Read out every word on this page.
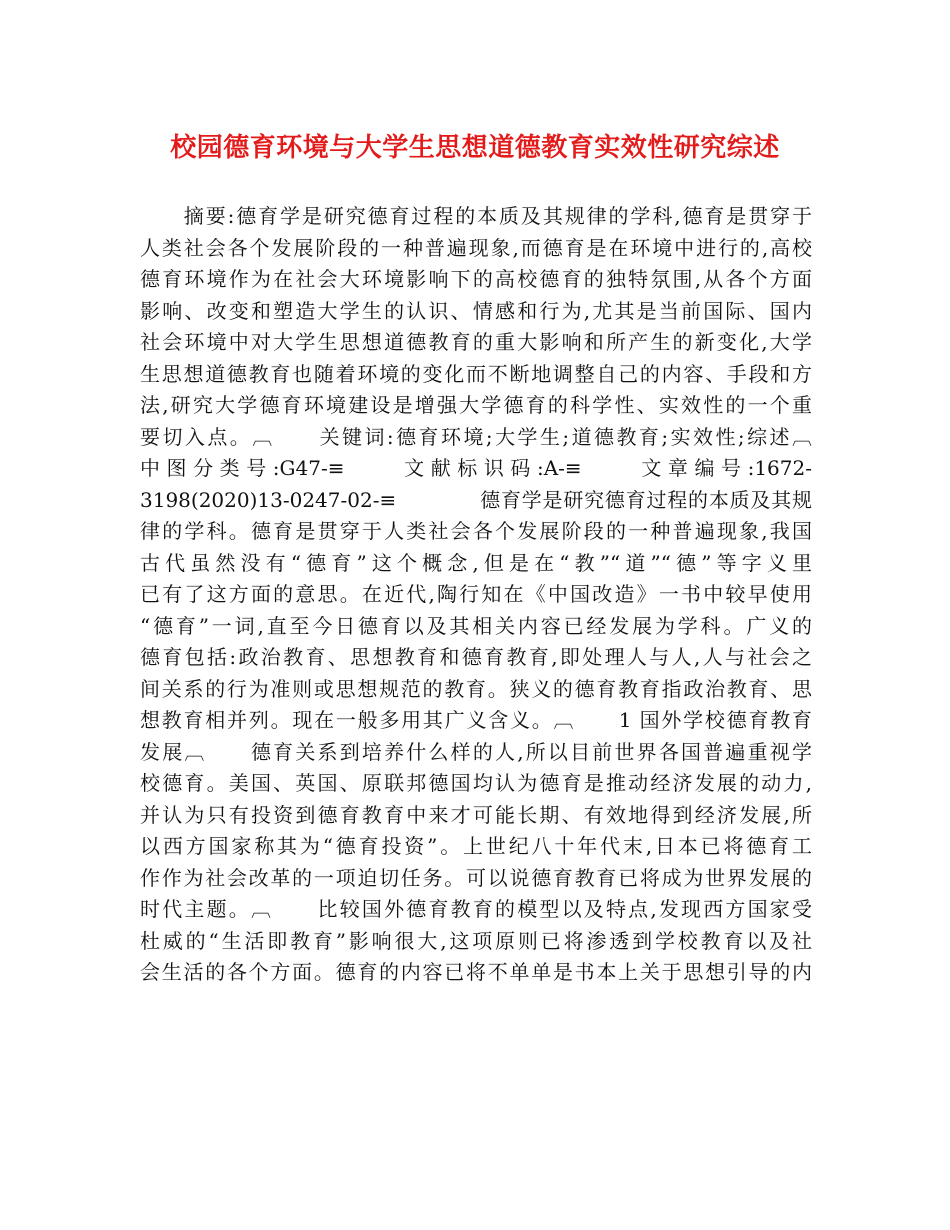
校园德育环境与大学生思想道德教育实效性研究综述
　　摘要:德育学是研究德育过程的本质及其规律的学科,德育是贯穿于
人类社会各个发展阶段的一种普遍现象,而德育是在环境中进行的,高校
德育环境作为在社会大环境影响下的高校德育的独特氛围,从各个方面
影响、改变和塑造大学生的认识、情感和行为,尤其是当前国际、国内
社会环境中对大学生思想道德教育的重大影响和所产生的新变化,大学
生思想道德教育也随着环境的变化而不断地调整自己的内容、手段和方
法,研究大学德育环境建设是增强大学德育的科学性、实效性的一个重
要切入点。︹　　关键词:德育环境;大学生;道德教育;实效性;综述︹
中图分类号:G47-≡　　文献标识码:A-≡　　文章编号:1672-
3198(2020)13-0247-02-≡　　　　德育学是研究德育过程的本质及其规
律的学科。德育是贯穿于人类社会各个发展阶段的一种普遍现象,我国
古代虽然没有“德育”这个概念,但是在“教”“道”“德”等字义里
已有了这方面的意思。在近代,陶行知在《中国改造》一书中较早使用
“德育”一词,直至今日德育以及其相关内容已经发展为学科。广义的
德育包括:政治教育、思想教育和德育教育,即处理人与人,人与社会之
间关系的行为准则或思想规范的教育。狭义的德育教育指政治教育、思
想教育相并列。现在一般多用其广义含义。︹　　1 国外学校德育教育
发展︹　　德育关系到培养什么样的人,所以目前世界各国普遍重视学
校德育。美国、英国、原联邦德国均认为德育是推动经济发展的动力,
并认为只有投资到德育教育中来才可能长期、有效地得到经济发展,所
以西方国家称其为“德育投资”。上世纪八十年代末,日本已将德育工
作作为社会改革的一项迫切任务。可以说德育教育已将成为世界发展的
时代主题。︹　　比较国外德育教育的模型以及特点,发现西方国家受
杜威的“生活即教育”影响很大,这项原则已将渗透到学校教育以及社
会生活的各个方面。德育的内容已将不单单是书本上关于思想引导的内
